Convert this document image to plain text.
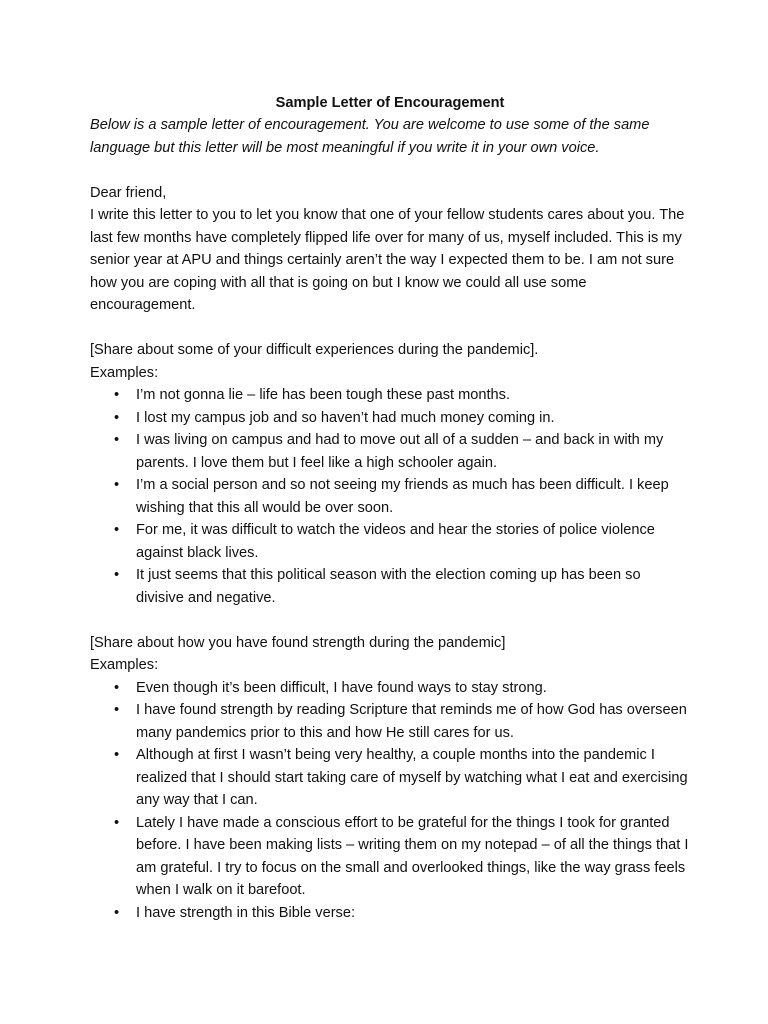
Sample Letter of Encouragement

Below is a sample letter of encouragement. You are welcome to use some of the same language but this letter will be most meaningful if you write it in your own voice.

Dear friend,

I write this letter to you to let you know that one of your fellow students cares about you. The last few months have completely flipped life over for many of us, myself included. This is my senior year at APU and things certainly aren’t the way I expected them to be. I am not sure how you are coping with all that is going on but I know we could all use some encouragement.

[Share about some of your difficult experiences during the pandemic].

Examples:

• I’m not gonna lie – life has been tough these past months.
• I lost my campus job and so haven’t had much money coming in.
• I was living on campus and had to move out all of a sudden – and back in with my parents. I love them but I feel like a high schooler again.
• I’m a social person and so not seeing my friends as much has been difficult. I keep wishing that this all would be over soon.
• For me, it was difficult to watch the videos and hear the stories of police violence against black lives.
• It just seems that this political season with the election coming up has been so divisive and negative.

[Share about how you have found strength during the pandemic]

Examples:

• Even though it’s been difficult, I have found ways to stay strong.
• I have found strength by reading Scripture that reminds me of how God has overseen many pandemics prior to this and how He still cares for us.
• Although at first I wasn’t being very healthy, a couple months into the pandemic I realized that I should start taking care of myself by watching what I eat and exercising any way that I can.
• Lately I have made a conscious effort to be grateful for the things I took for granted before. I have been making lists – writing them on my notepad – of all the things that I am grateful. I try to focus on the small and overlooked things, like the way grass feels when I walk on it barefoot.
• I have strength in this Bible verse:
